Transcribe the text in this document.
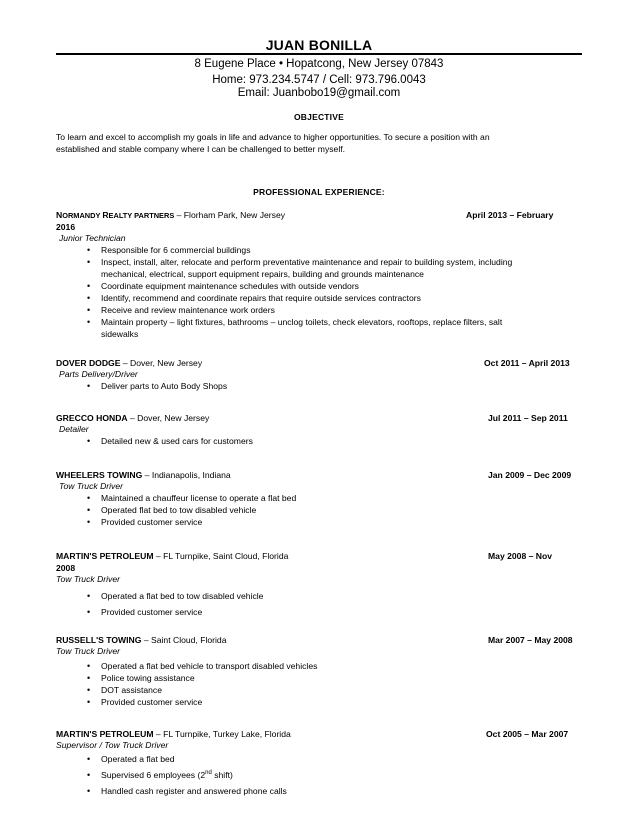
JUAN BONILLA
8 Eugene Place • Hopatcong, New Jersey 07843
Home: 973.234.5747 / Cell: 973.796.0043
Email: Juanbobo19@gmail.com
OBJECTIVE
To learn and excel to accomplish my goals in life and advance to higher opportunities. To secure a position with an
established and stable company where I can be challenged to better myself.
PROFESSIONAL EXPERIENCE:
NORMANDY REALTY PARTNERS – Florham Park, New Jersey	April 2013 – February
2016
Junior Technician
• Responsible for 6 commercial buildings
• Inspect, install, alter, relocate and perform preventative maintenance and repair to building system, including
mechanical, electrical, support equipment repairs, building and grounds maintenance
• Coordinate equipment maintenance schedules with outside vendors
• Identify, recommend and coordinate repairs that require outside services contractors
• Receive and review maintenance work orders
• Maintain property – light fixtures, bathrooms – unclog toilets, check elevators, rooftops, replace filters, salt
sidewalks
DOVER DODGE – Dover, New Jersey	Oct 2011 – April 2013
Parts Delivery/Driver
• Deliver parts to Auto Body Shops
GRECCO HONDA – Dover, New Jersey	Jul 2011 – Sep 2011
Detailer
• Detailed new & used cars for customers
WHEELERS TOWING – Indianapolis, Indiana	Jan 2009 – Dec 2009
Tow Truck Driver
• Maintained a chauffeur license to operate a flat bed
• Operated flat bed to tow disabled vehicle
• Provided customer service
MARTIN'S PETROLEUM – FL Turnpike, Saint Cloud, Florida	May 2008 – Nov
2008
Tow Truck Driver
• Operated a flat bed to tow disabled vehicle
• Provided customer service
RUSSELL'S TOWING – Saint Cloud, Florida	Mar 2007 – May 2008
Tow Truck Driver
• Operated a flat bed vehicle to transport disabled vehicles
• Police towing assistance
• DOT assistance
• Provided customer service
MARTIN'S PETROLEUM – FL Turnpike, Turkey Lake, Florida	Oct 2005 – Mar 2007
Supervisor / Tow Truck Driver
• Operated a flat bed
• Supervised 6 employees (2nd shift)
• Handled cash register and answered phone calls
